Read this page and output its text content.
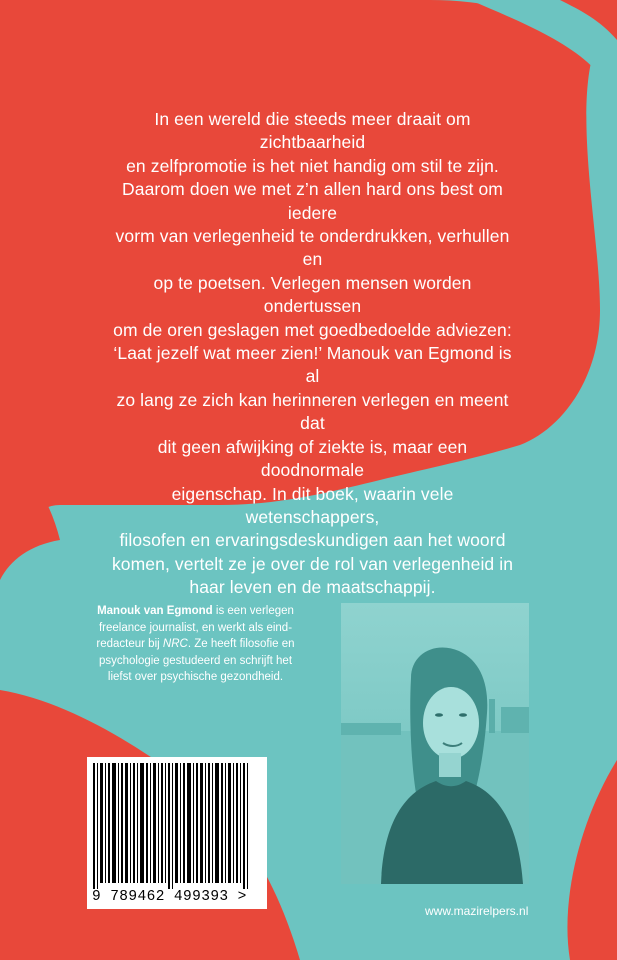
In een wereld die steeds meer draait om zichtbaarheid

en zelfpromotie is het niet handig om stil te zijn.

Daarom doen we met z’n allen hard ons best om iedere

vorm van verlegenheid te onderdrukken, verhullen en

op te poetsen. Verlegen mensen worden ondertussen

om de oren geslagen met goedbedoelde adviezen:

‘Laat jezelf wat meer zien!’ Manouk van Egmond is al

zo lang ze zich kan herinneren verlegen en meent dat

dit geen afwijking of ziekte is, maar een doodnormale

eigenschap. In dit boek, waarin vele wetenschappers,

filosofen en ervaringsdeskundigen aan het woord

komen, vertelt ze je over de rol van verlegenheid in

haar leven en de maatschappij.

Manouk van Egmond is een verlegen freelance journalist, en werkt als eindredacteur bij NRC. Ze heeft filosofie en psychologie gestudeerd en schrijft het liefst over psychische gezondheid.
9 789462 499393 >
www.mazirelpers.nl
